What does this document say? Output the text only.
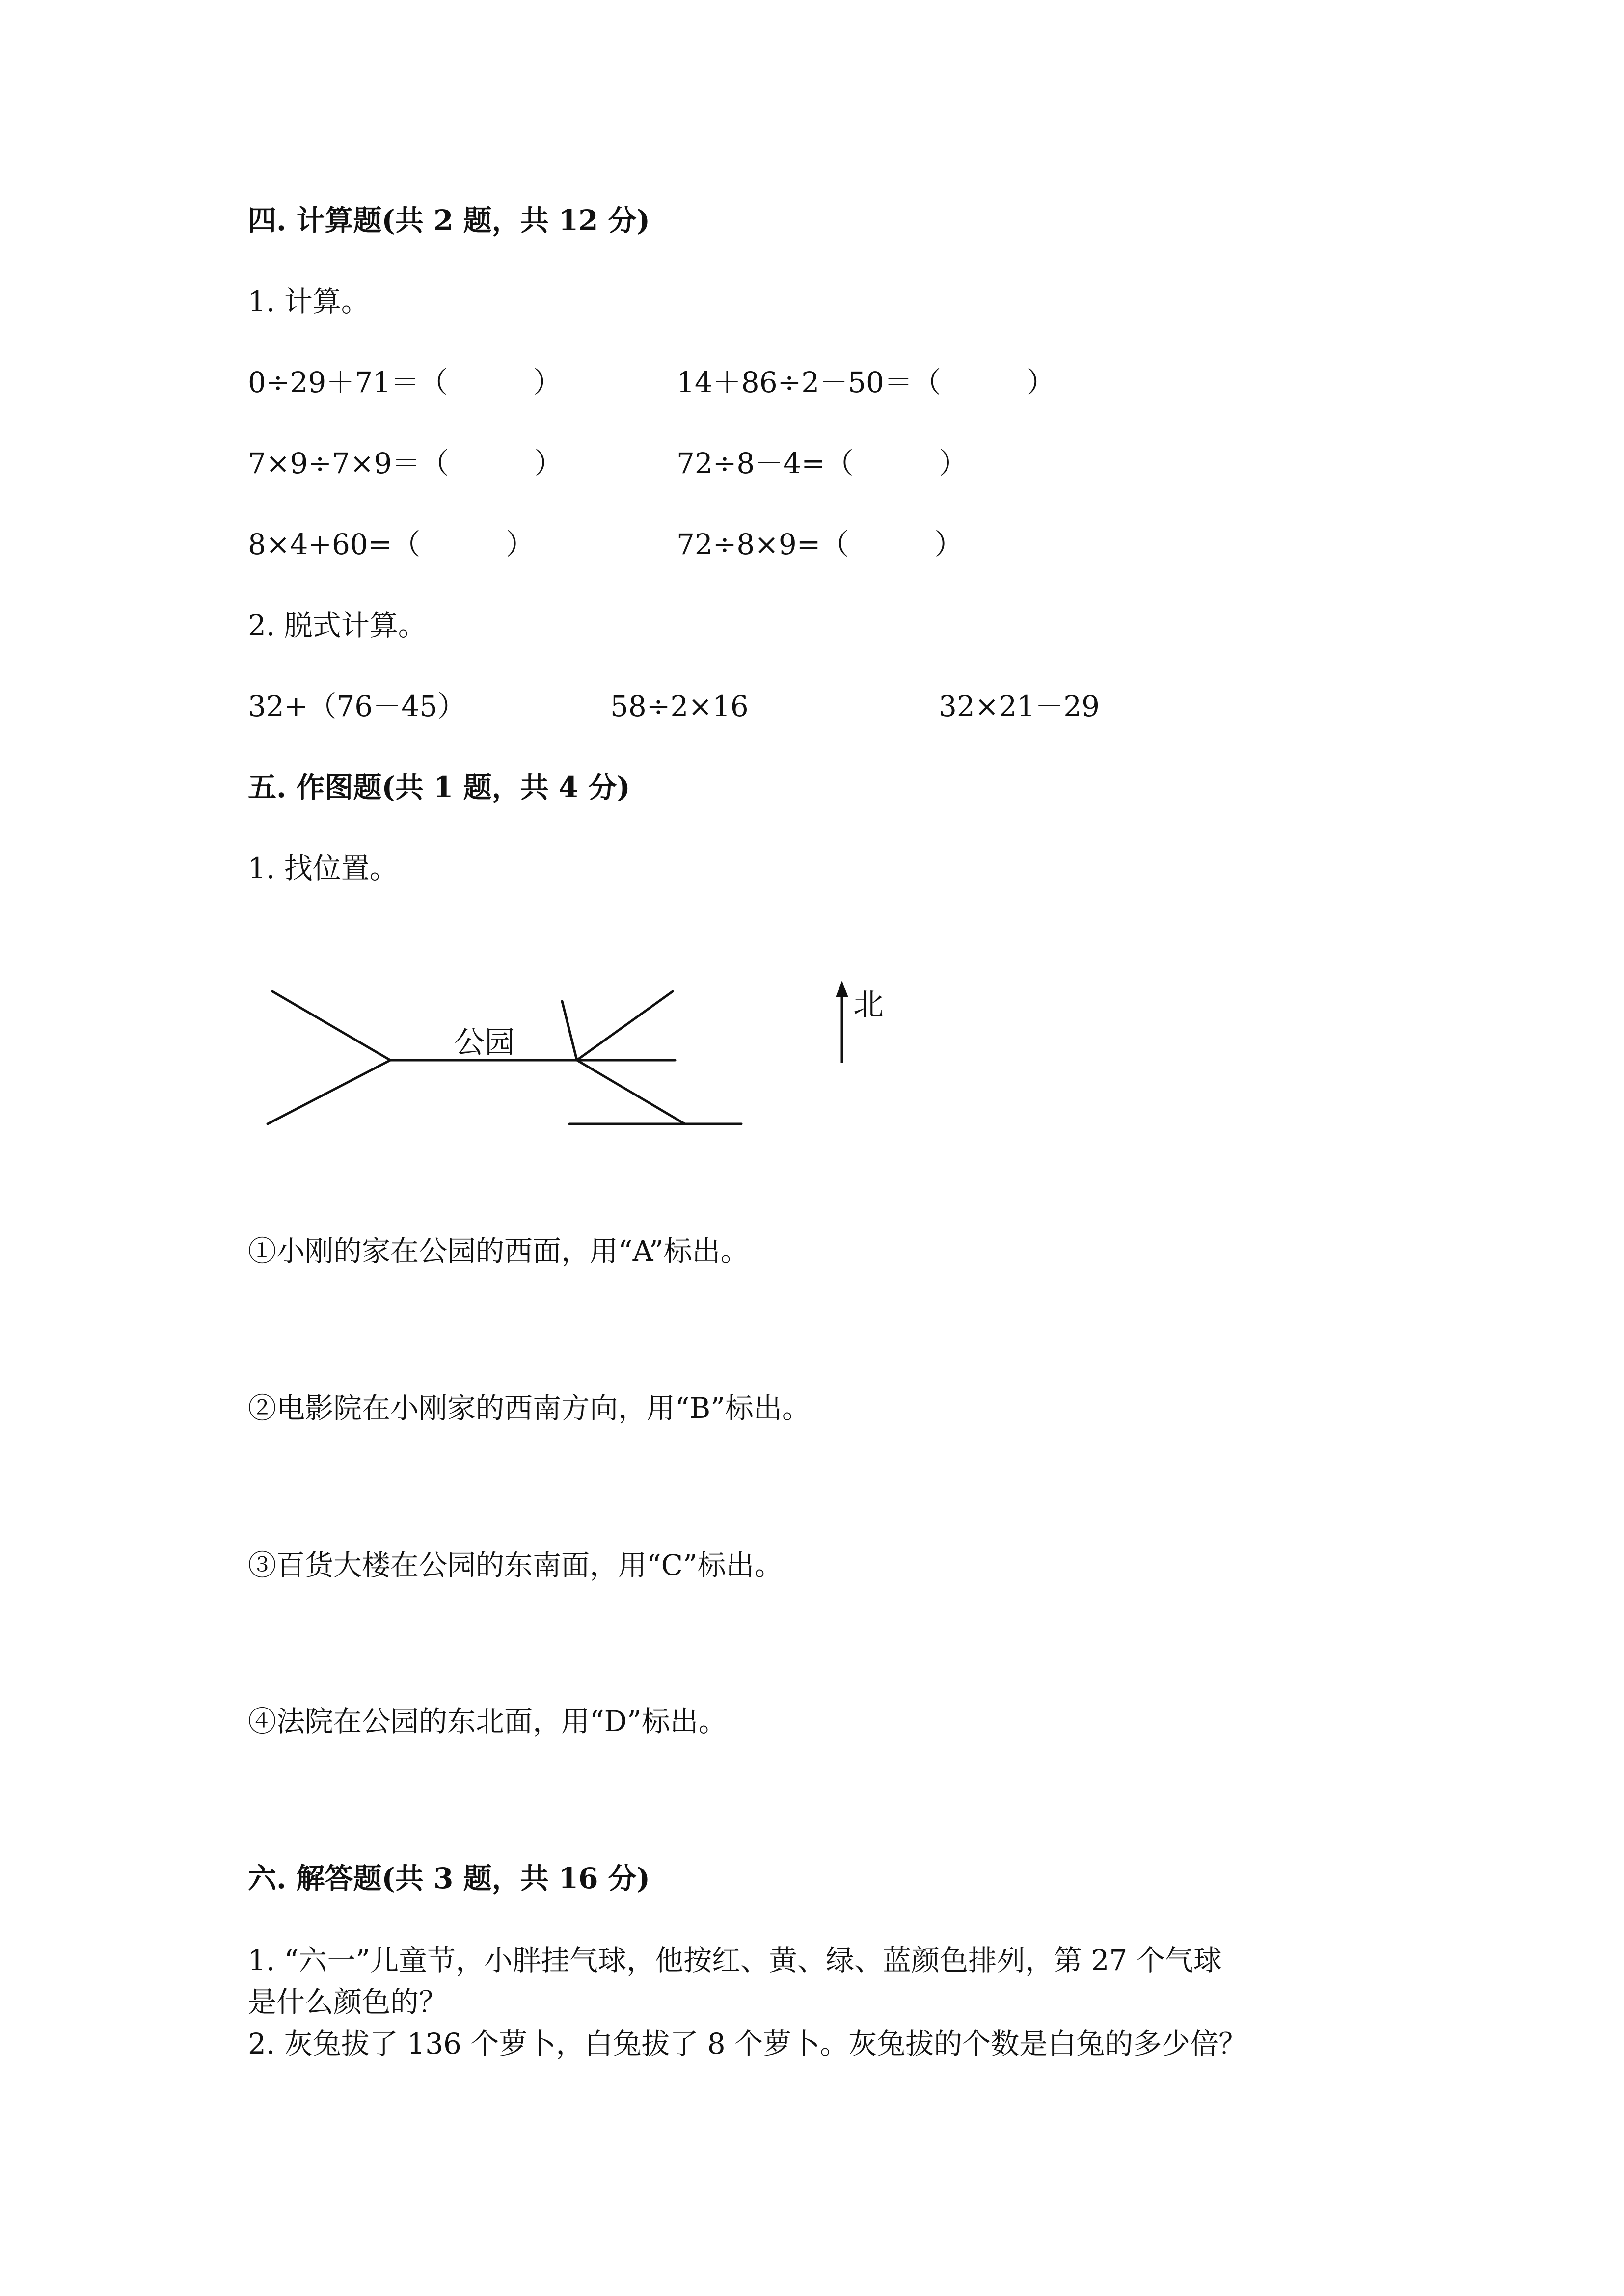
四. 计算题(共 2 题，共 12 分)

1. 计算。

0÷29＋71＝（　　　）	14＋86÷2－50＝（　　　）

7×9÷7×9＝（　　　）	72÷8－4=（　　　）

8×4+60=（　　　）	72÷8×9=（　　　）

2. 脱式计算。

32+（76－45）	58÷2×16	32×21－29

五. 作图题(共 1 题，共 4 分)

1. 找位置。

公园
北

①小刚的家在公园的西面，用“A”标出。

②电影院在小刚家的西南方向，用“B”标出。

③百货大楼在公园的东南面，用“C”标出。

④法院在公园的东北面，用“D”标出。

六. 解答题(共 3 题，共 16 分)

1. “六一”儿童节，小胖挂气球，他按红、黄、绿、蓝颜色排列，第 27 个气球

是什么颜色的？

2. 灰兔拔了 136 个萝卜，白兔拔了 8 个萝卜。灰兔拔的个数是白兔的多少倍？
